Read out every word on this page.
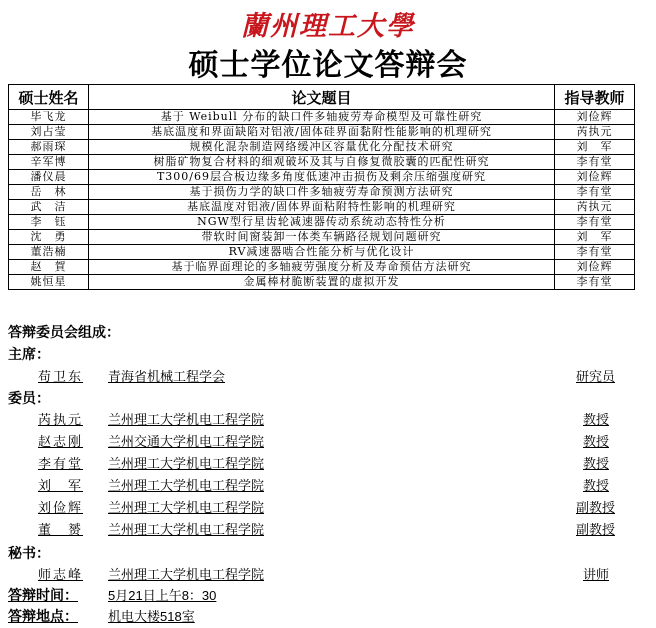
蘭州理工大學
硕士学位论文答辩会
硕士姓名	论文题目	指导教师
毕飞龙	基于 Weibull 分布的缺口件多轴疲劳寿命模型及可靠性研究	刘俭辉
刘占莹	基底温度和界面缺陷对铝液/固体硅界面黏附性能影响的机理研究	芮执元
郝雨琛	规模化混杂制造网络缓冲区容量优化分配技术研究	刘　军
辛军博	树脂矿物复合材料的细观破坏及其与自修复微胶囊的匹配性研究	李有堂
潘仪晨	T300/69层合板边缘多角度低速冲击损伤及剩余压缩强度研究	刘俭辉
岳　林	基于损伤力学的缺口件多轴疲劳寿命预测方法研究	李有堂
武　洁	基底温度对铝液/固体界面粘附特性影响的机理研究	芮执元
李　钰	NGW型行星齿轮减速器传动系统动态特性分析	李有堂
沈　勇	带软时间窗装卸一体类车辆路径规划问题研究	刘　军
董浩楠	RV减速器啮合性能分析与优化设计	李有堂
赵　賀	基于临界面理论的多轴疲劳强度分析及寿命预估方法研究	刘俭辉
姚恒星	金属棒材脆断装置的虚拟开发	李有堂
答辩委员会组成：
主席：
苟卫东 青海省机械工程学会	研究员
委员：
芮执元 兰州理工大学机电工程学院	教授
赵志刚 兰州交通大学机电工程学院	教授
李有堂 兰州理工大学机电工程学院	教授
刘　军 兰州理工大学机电工程学院	教授
刘俭辉 兰州理工大学机电工程学院	副教授
董　赟 兰州理工大学机电工程学院	副教授
秘书：
师志峰 兰州理工大学机电工程学院	讲师
答辩时间： 5月21日上午8：30
答辩地点： 机电大楼518室
